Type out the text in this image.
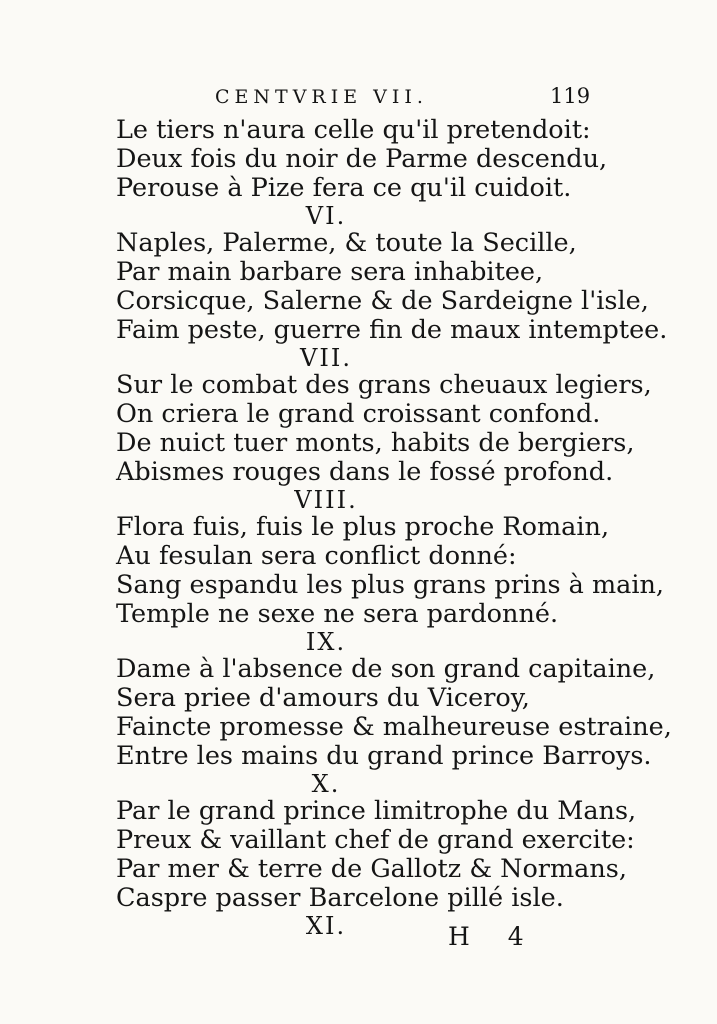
CENTVRIE VII.	119
Le tiers n'aura celle qu'il pretendoit:
Deux fois du noir de Parme descendu,
Perouse à Pize fera ce qu'il cuidoit.
VI.
Naples, Palerme, & toute la Secille,
Par main barbare sera inhabitee,
Corsicque, Salerne & de Sardeigne l'isle,
Faim peste, guerre fin de maux intemptee.
VII.
Sur le combat des grans cheuaux legiers,
On criera le grand croissant confond.
De nuict tuer monts, habits de bergiers,
Abismes rouges dans le fossé profond.
VIII.
Flora fuis, fuis le plus proche Romain,
Au fesulan sera conflict donné:
Sang espandu les plus grans prins à main,
Temple ne sexe ne sera pardonné.
IX.
Dame à l'absence de son grand capitaine,
Sera priee d'amours du Viceroy,
Faincte promesse & malheureuse estraine,
Entre les mains du grand prince Barroys.
X.
Par le grand prince limitrophe du Mans,
Preux & vaillant chef de grand exercite:
Par mer & terre de Gallotz & Normans,
Caspre passer Barcelone pillé isle.
XI.	H 4
